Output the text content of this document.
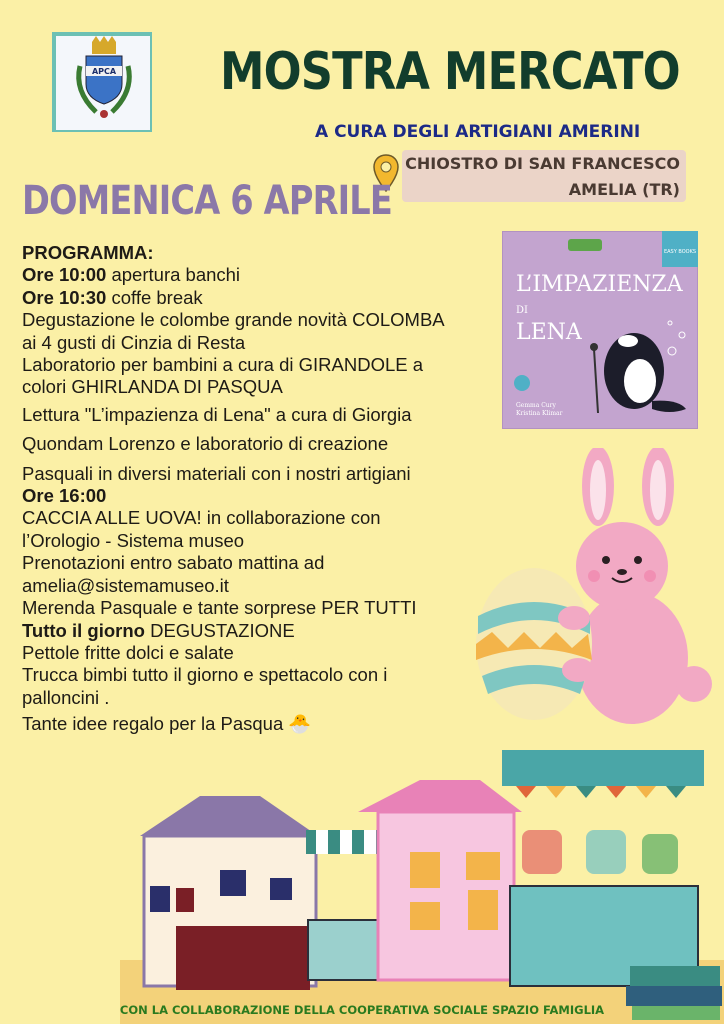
APCA MOSTRA MERCATO
A CURA DEGLI ARTIGIANI AMERINI
CHIOSTRO DI SAN FRANCESCO
AMELIA (TR)
DOMENICA 6 APRILE
PROGRAMMA:
Ore 10:00 apertura banchi
Ore 10:30 coffe break
Degustazione le colombe grande novità COLOMBA
ai 4 gusti di Cinzia di Resta
Laboratorio per bambini a cura di GIRANDOLE a
colori GHIRLANDA DI PASQUA
Lettura "L’impazienza di Lena" a cura di Giorgia
Quondam Lorenzo e laboratorio di creazione
Pasquali in diversi materiali con i nostri artigiani
Ore 16:00
CACCIA ALLE UOVA! in collaborazione con
l’Orologio - Sistema museo
Prenotazioni entro sabato mattina ad
amelia@sistemamuseo.it
Merenda Pasquale e tante sorprese PER TUTTI
Tutto il giorno DEGUSTAZIONE
Pettole fritte dolci e salate
Trucca bimbi tutto il giorno e spettacolo con i
palloncini .
Tante idee regalo per la Pasqua 🐣
EASY BOOKS
L’IMPAZIENZA
DI
LENA
Gemma Cury
Kristina Klimar
CON LA COLLABORAZIONE DELLA COOPERATIVA SOCIALE SPAZIO FAMIGLIA
